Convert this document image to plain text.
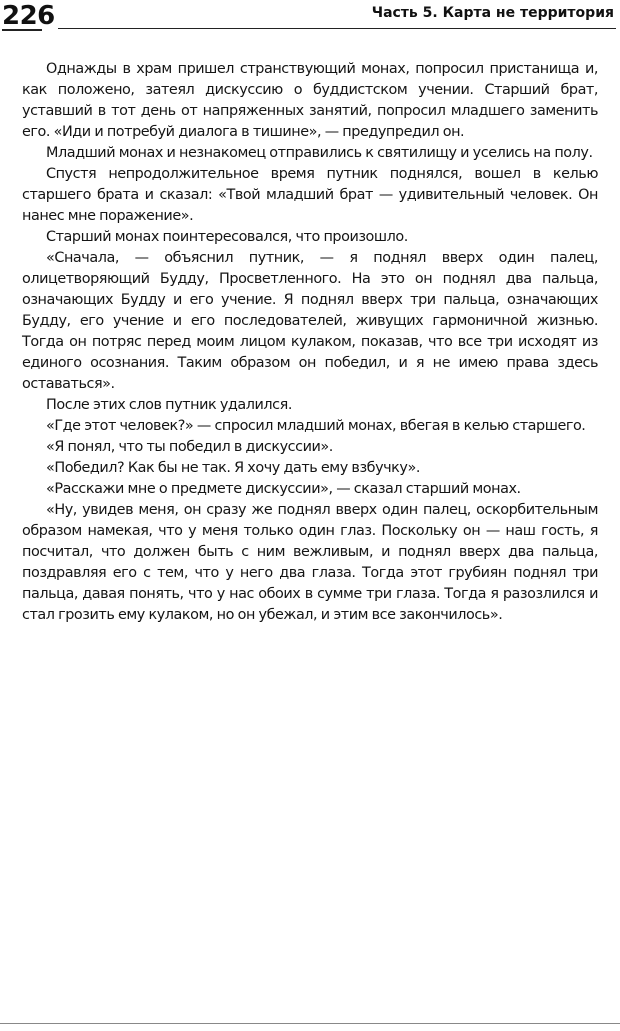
226	Часть 5. Карта не территория

Однажды в храм пришел странствующий монах, попросил пристанища и, как положено, затеял дискуссию о буддистском учении. Старший брат, уставший в тот день от напряженных занятий, попросил младшего заменить его. «Иди и потребуй диалога в тишине», — предупредил он.

Младший монах и незнакомец отправились к святилищу и уселись на полу.

Спустя непродолжительное время путник поднялся, вошел в келью старшего брата и сказал: «Твой младший брат — удивительный человек. Он нанес мне поражение».

Старший монах поинтересовался, что произошло.

«Сначала, — объяснил путник, — я поднял вверх один палец, олицетворяющий Будду, Просветленного. На это он поднял два пальца, означающих Будду и его учение. Я поднял вверх три пальца, означающих Будду, его учение и его последователей, живущих гармоничной жизнью. Тогда он потряс перед моим лицом кулаком, показав, что все три исходят из единого осознания. Таким образом он победил, и я не имею права здесь оставаться».

После этих слов путник удалился.

«Где этот человек?» — спросил младший монах, вбегая в келью старшего.

«Я понял, что ты победил в дискуссии».

«Победил? Как бы не так. Я хочу дать ему взбучку».

«Расскажи мне о предмете дискуссии», — сказал старший монах.

«Ну, увидев меня, он сразу же поднял вверх один палец, оскорбительным образом намекая, что у меня только один глаз. Поскольку он — наш гость, я посчитал, что должен быть с ним вежливым, и поднял вверх два пальца, поздравляя его с тем, что у него два глаза. Тогда этот грубиян поднял три пальца, давая понять, что у нас обоих в сумме три глаза. Тогда я разозлился и стал грозить ему кулаком, но он убежал, и этим все закончилось».
